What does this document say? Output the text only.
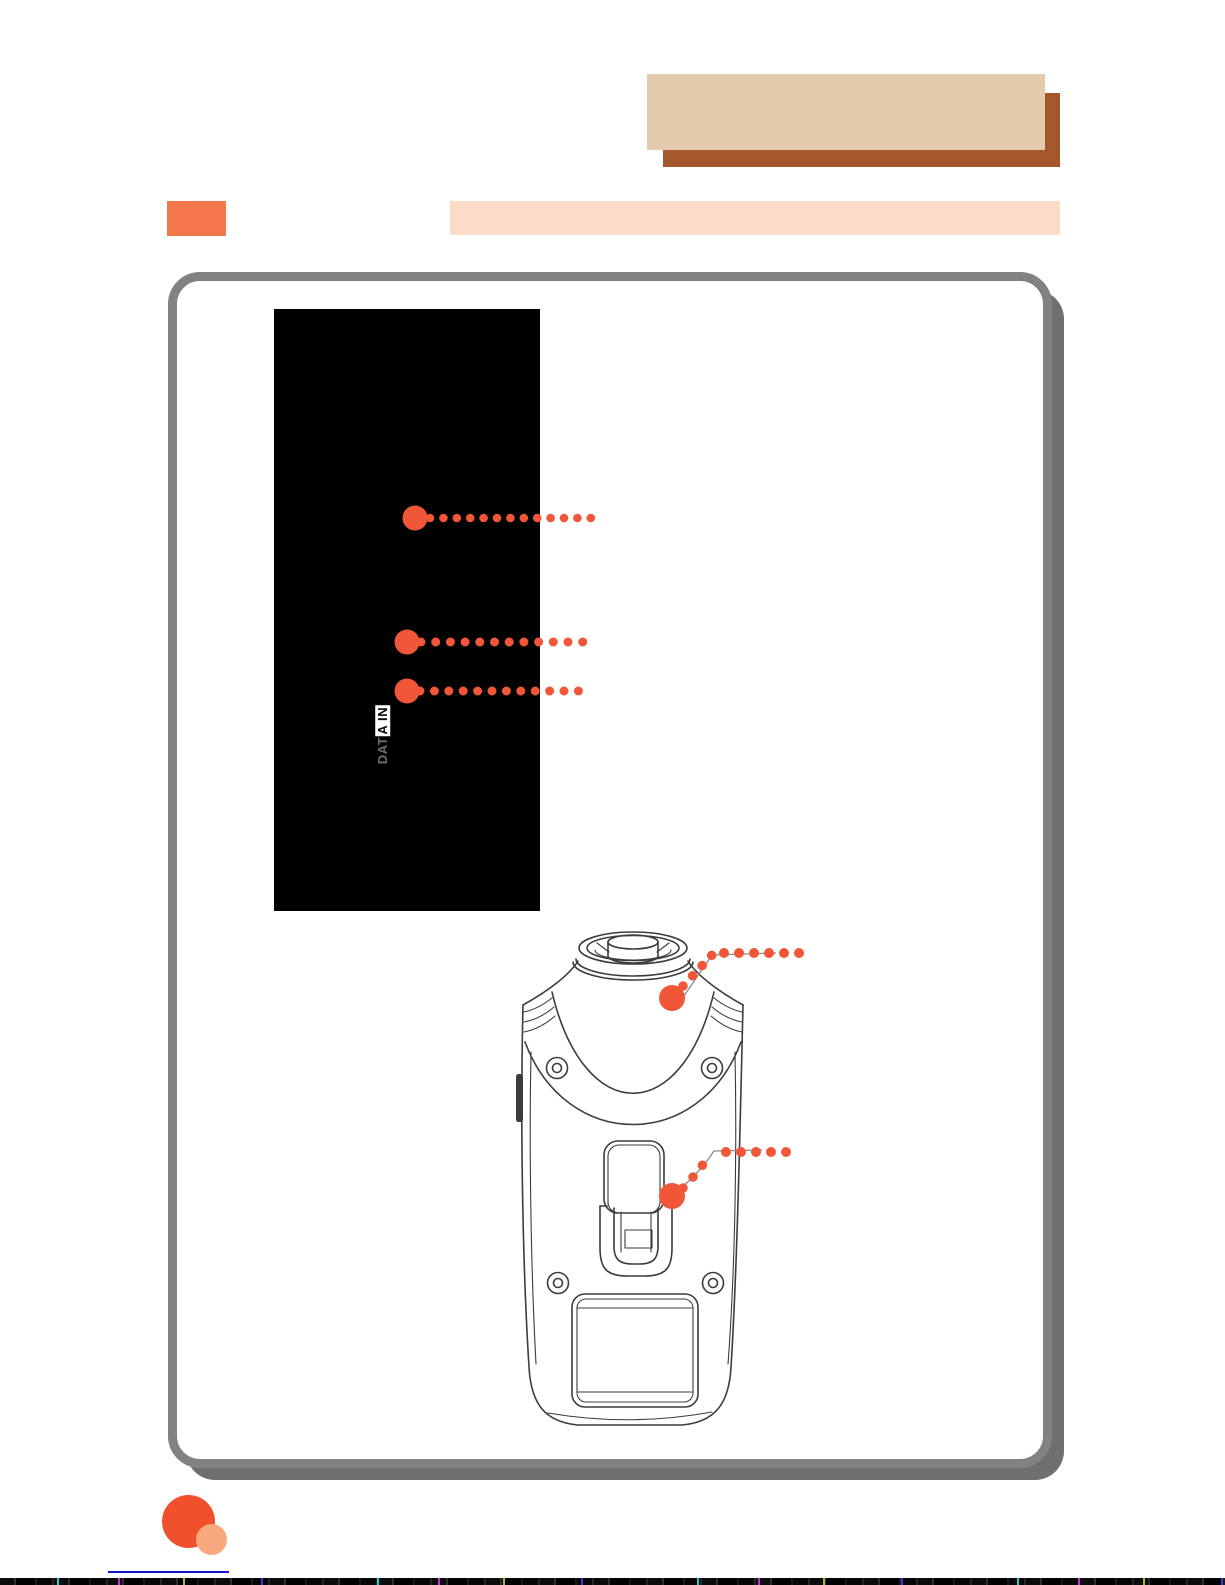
DATA IN
